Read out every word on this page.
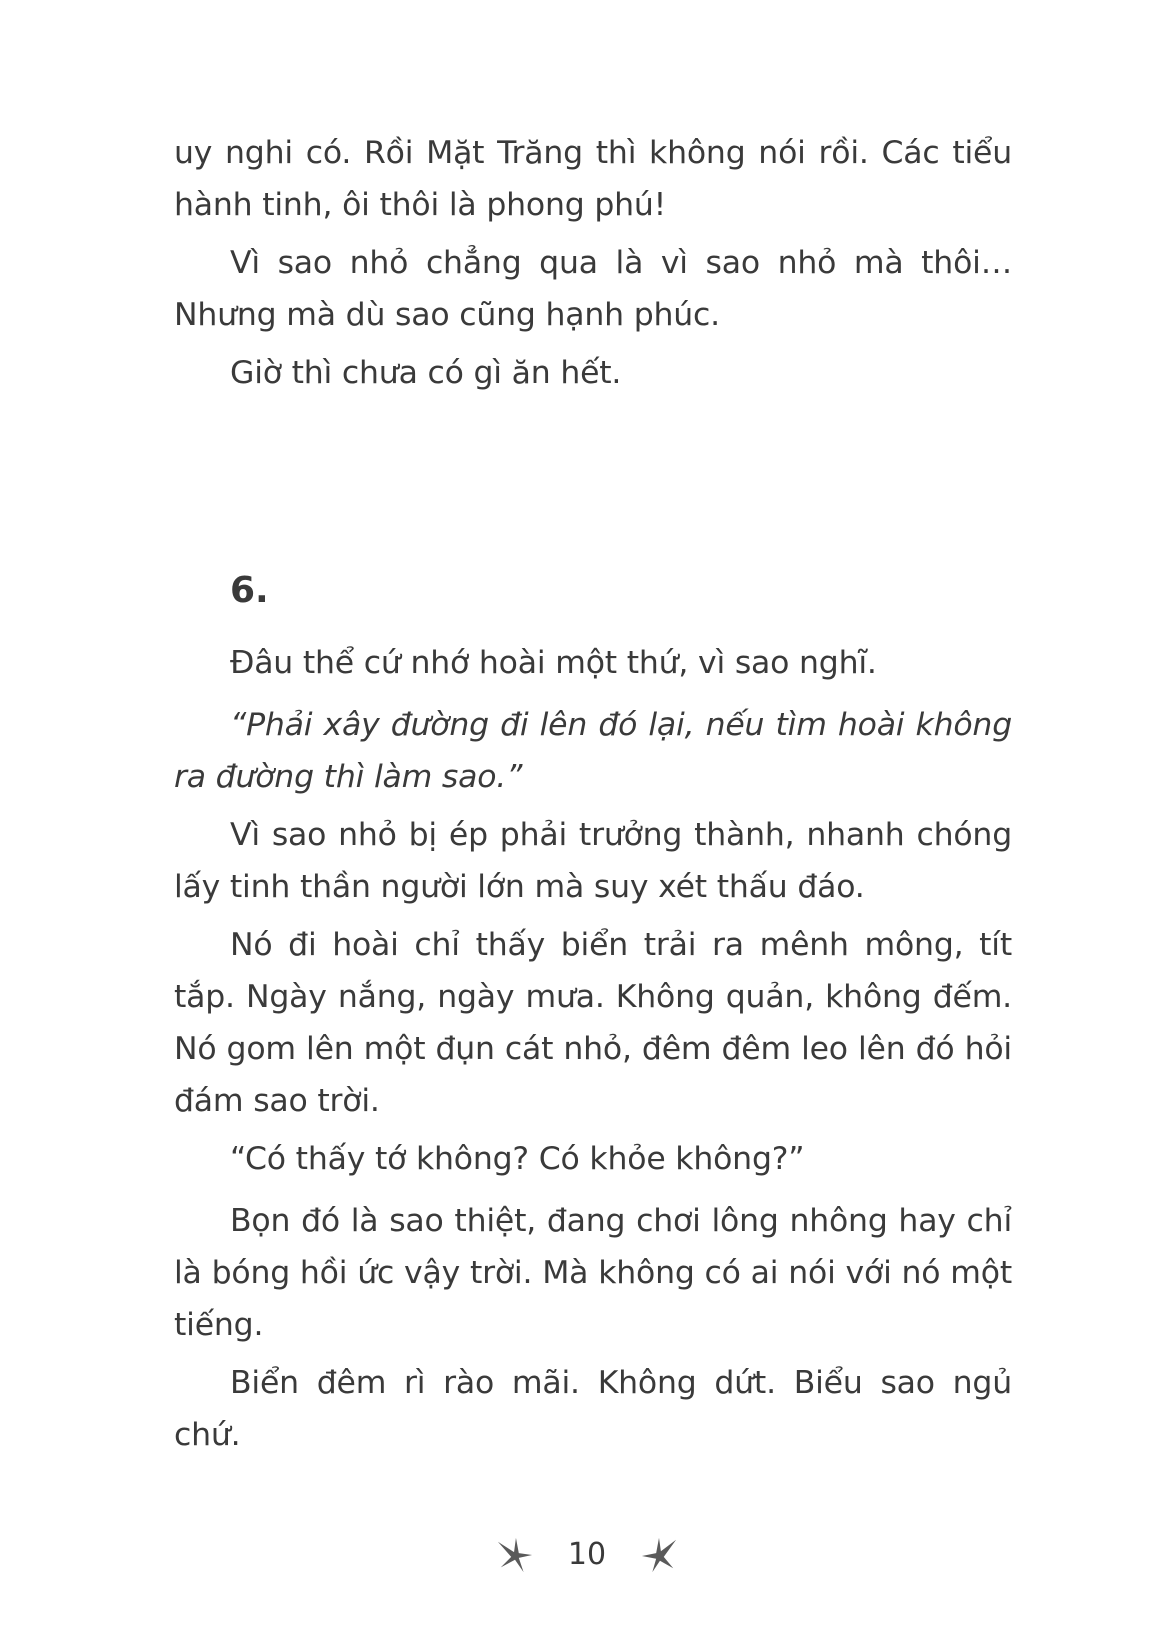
uy nghi có. Rồi Mặt Trăng thì không nói rồi. Các tiểu hành tinh, ôi thôi là phong phú!

Vì sao nhỏ chẳng qua là vì sao nhỏ mà thôi… Nhưng mà dù sao cũng hạnh phúc.

Giờ thì chưa có gì ăn hết.

6.

Đâu thể cứ nhớ hoài một thứ, vì sao nghĩ.

“Phải xây đường đi lên đó lại, nếu tìm hoài không ra đường thì làm sao.”

Vì sao nhỏ bị ép phải trưởng thành, nhanh chóng lấy tinh thần người lớn mà suy xét thấu đáo.

Nó đi hoài chỉ thấy biển trải ra mênh mông, tít tắp. Ngày nắng, ngày mưa. Không quản, không đếm. Nó gom lên một đụn cát nhỏ, đêm đêm leo lên đó hỏi đám sao trời.

“Có thấy tớ không? Có khỏe không?”

Bọn đó là sao thiệt, đang chơi lông nhông hay chỉ là bóng hồi ức vậy trời. Mà không có ai nói với nó một tiếng.

Biển đêm rì rào mãi. Không dứt. Biểu sao ngủ chứ.

10
